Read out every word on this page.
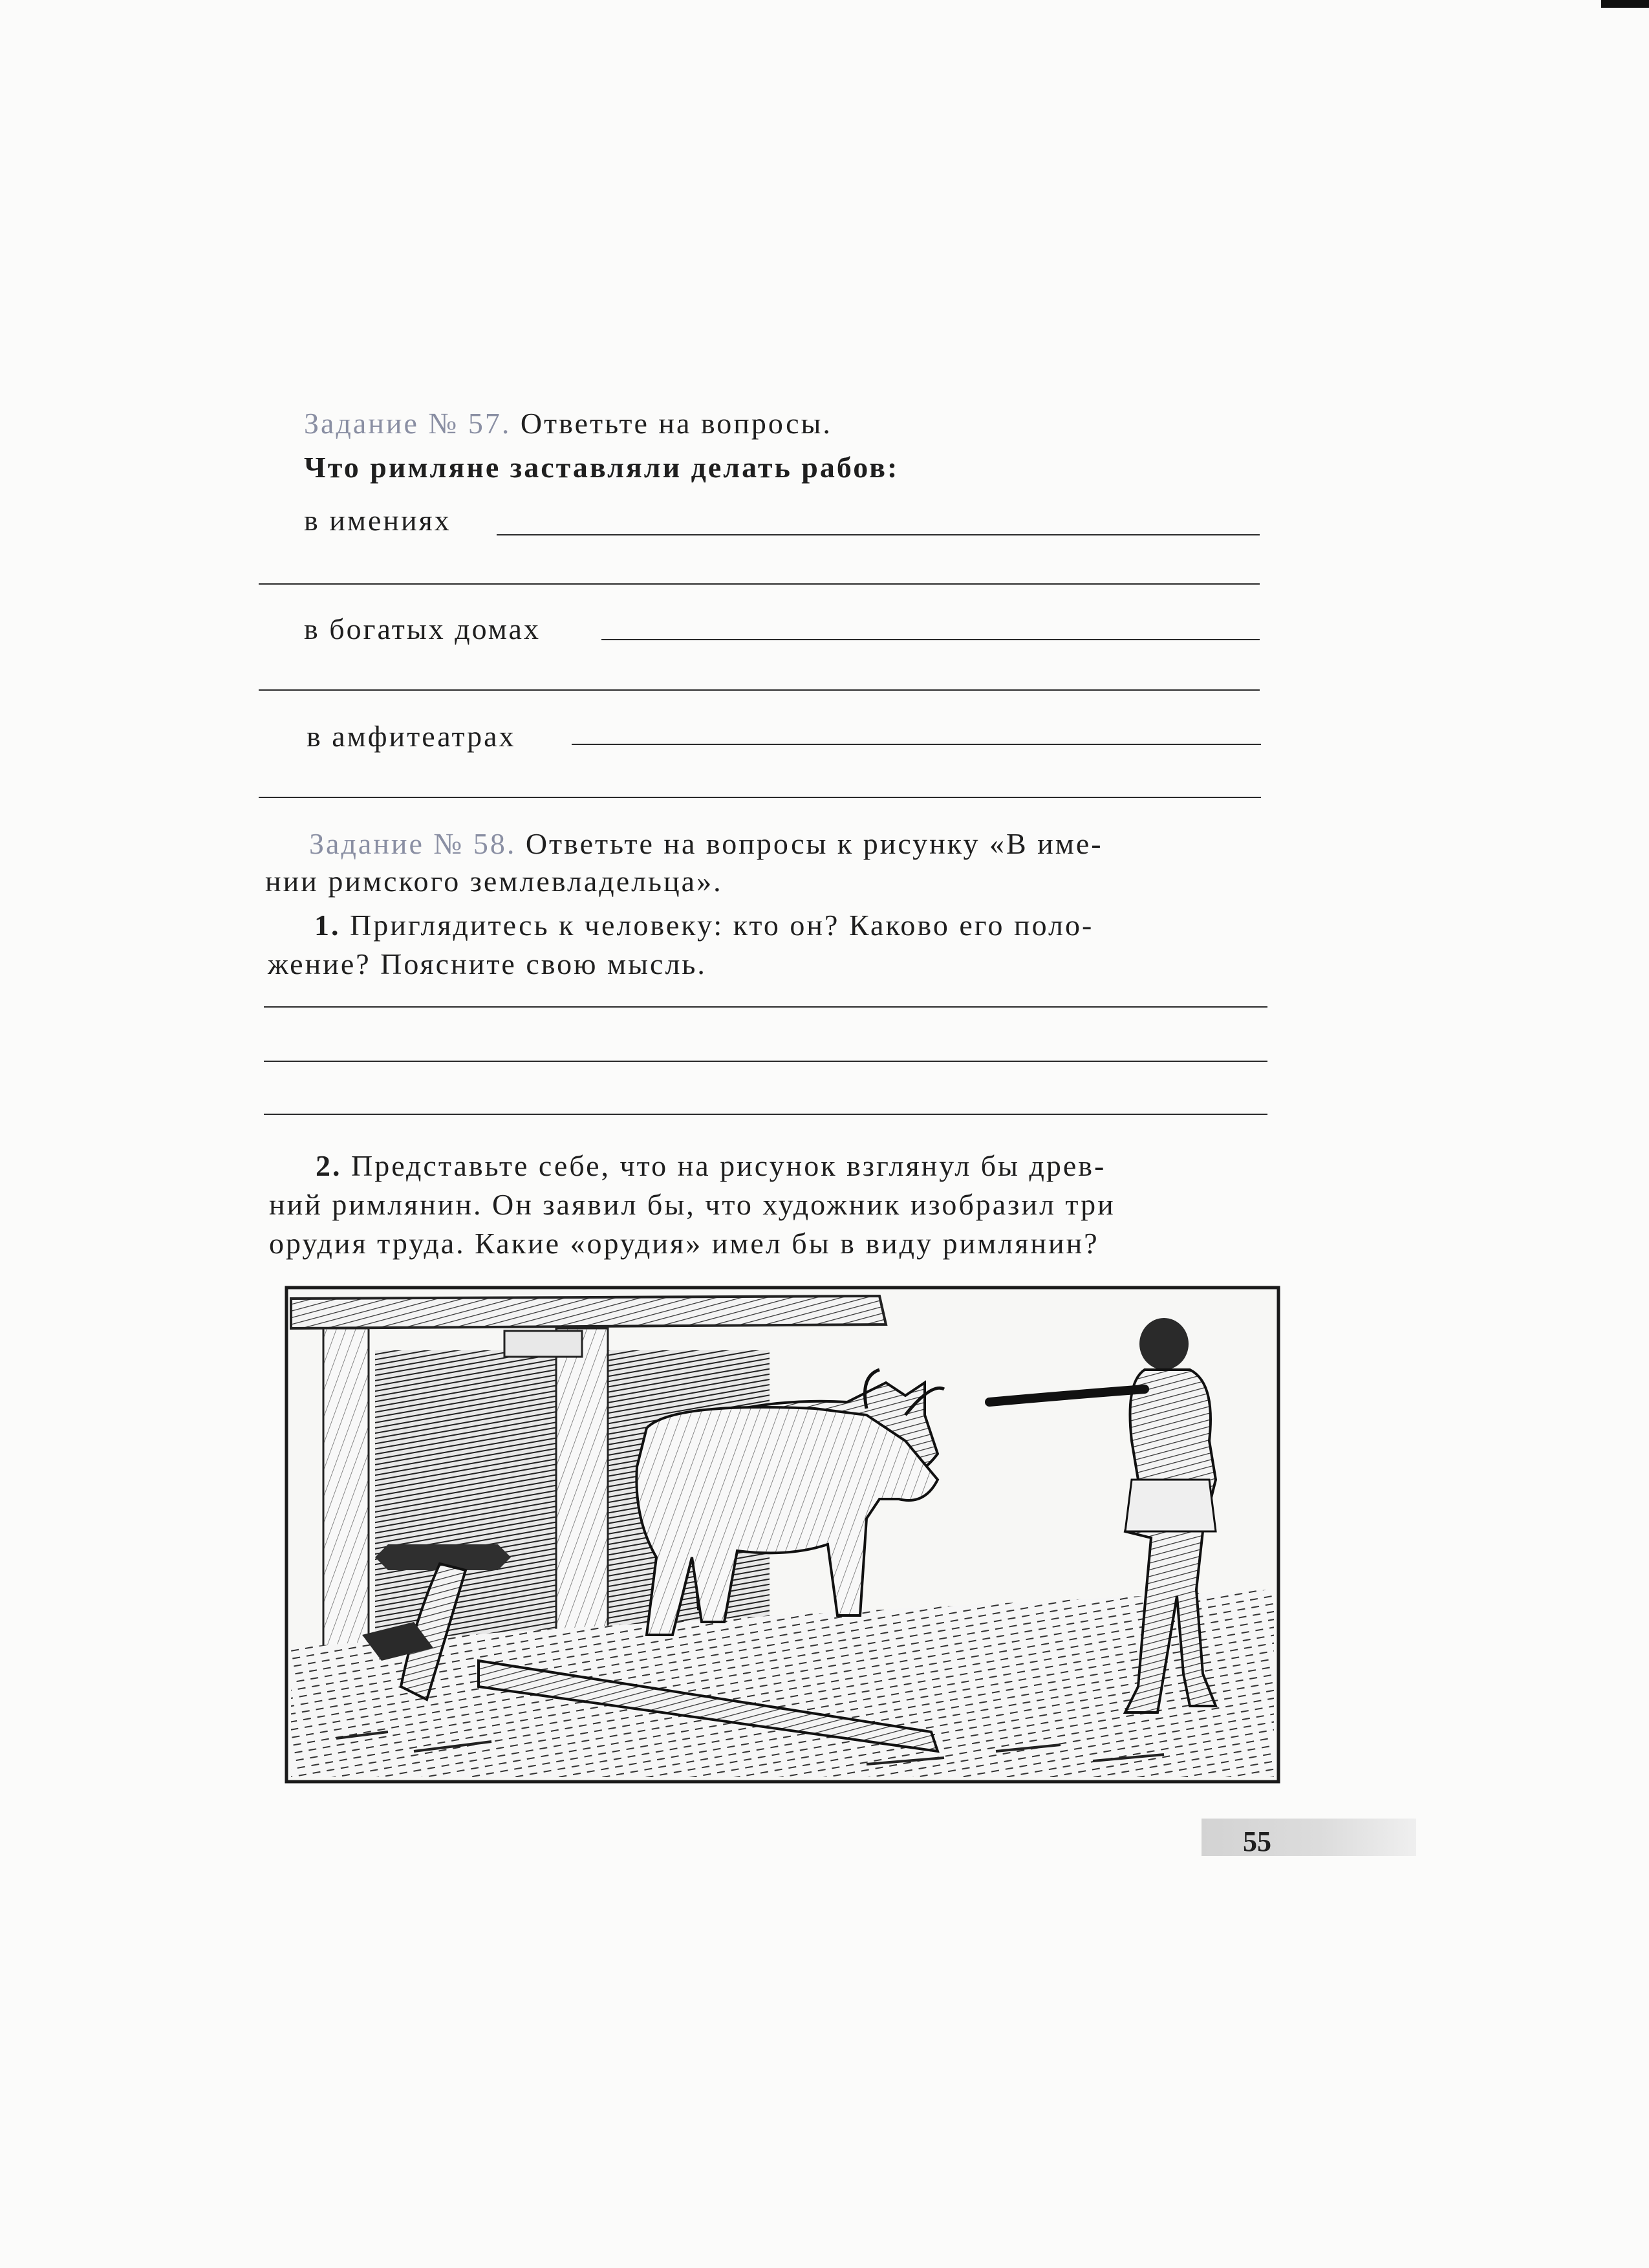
Задание № 57. Ответьте на вопросы.
Что римляне заставляли делать рабов:
в имениях
в богатых домах
в амфитеатрах
Задание № 58. Ответьте на вопросы к рисунку «В име-
нии римского землевладельца».
1. Приглядитесь к человеку: кто он? Каково его поло-
жение? Поясните свою мысль.
2. Представьте себе, что на рисунок взглянул бы древ-
ний римлянин. Он заявил бы, что художник изобразил три
орудия труда. Какие «орудия» имел бы в виду римлянин?
55
